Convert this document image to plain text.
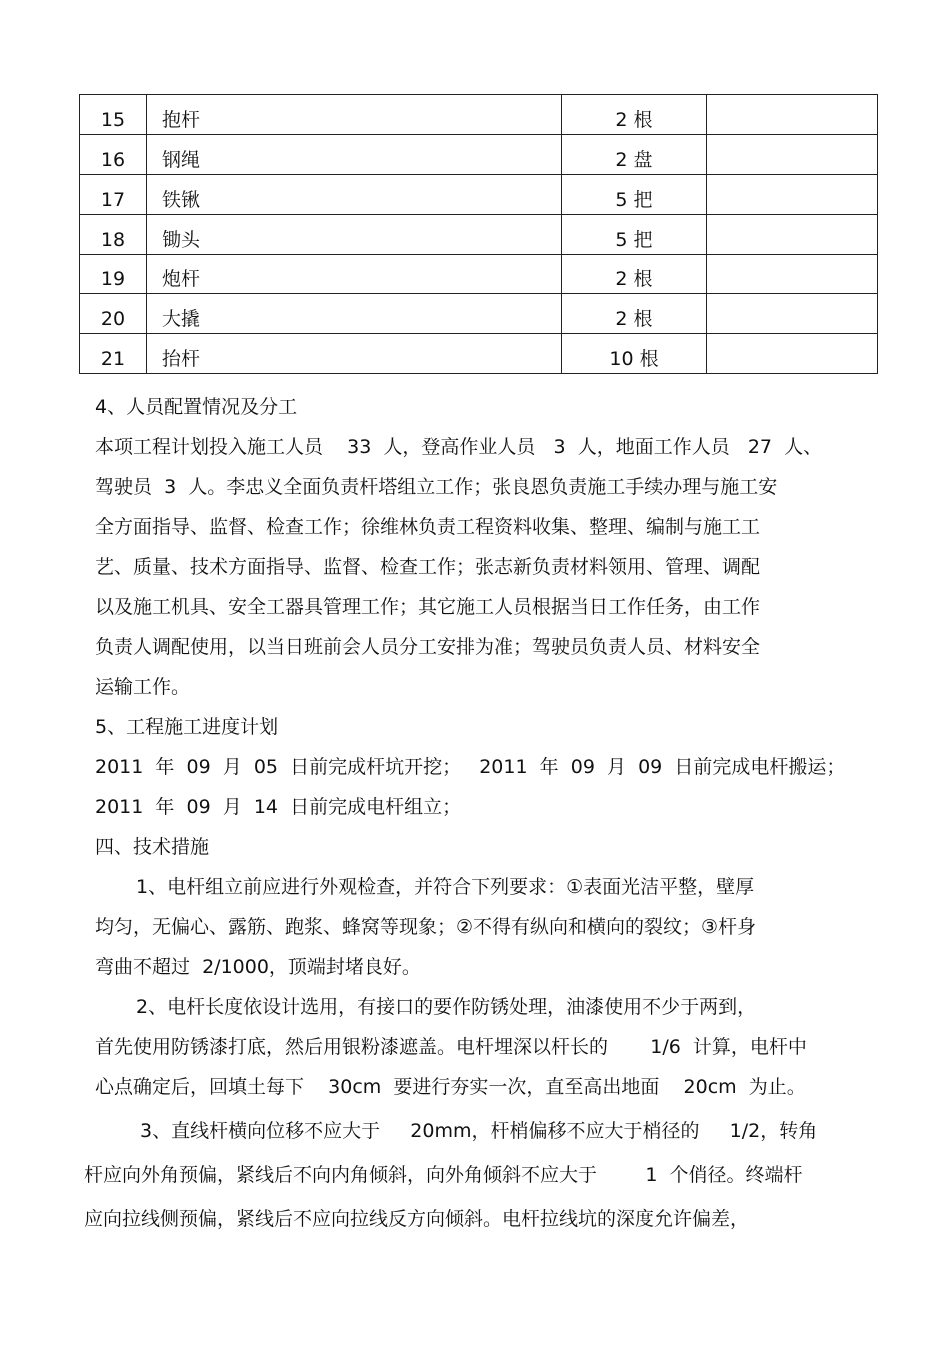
15	抱杆	2 根	
16	钢绳	2 盘	
17	铁锹	5 把	
18	锄头	5 把	
19	炮杆	2 根	
20	大撬	2 根	
21	抬杆	10 根	
4、人员配置情况及分工
本项工程计划投入施工人员    33  人，登高作业人员   3  人，地面工作人员   27  人、
驾驶员  3  人。李忠义全面负责杆塔组立工作；张良恩负责施工手续办理与施工安
全方面指导、监督、检查工作；徐维林负责工程资料收集、整理、编制与施工工
艺、质量、技术方面指导、监督、检查工作；张志新负责材料领用、管理、调配
以及施工机具、安全工器具管理工作；其它施工人员根据当日工作任务，由工作
负责人调配使用，以当日班前会人员分工安排为准；驾驶员负责人员、材料安全
运输工作。
5、工程施工进度计划
2011  年  09  月  05  日前完成杆坑开挖；   2011  年  09  月  09  日前完成电杆搬运；
2011  年  09  月  14  日前完成电杆组立；
四、技术措施
1、电杆组立前应进行外观检查，并符合下列要求：①表面光洁平整，壁厚
均匀，无偏心、露筋、跑浆、蜂窝等现象；②不得有纵向和横向的裂纹；③杆身
弯曲不超过  2/1000，顶端封堵良好。
2、电杆长度依设计选用，有接口的要作防锈处理，油漆使用不少于两到，
首先使用防锈漆打底，然后用银粉漆遮盖。电杆埋深以杆长的       1/6  计算，电杆中
心点确定后，回填土每下    30cm  要进行夯实一次，直至高出地面    20cm  为止。
3、直线杆横向位移不应大于     20mm，杆梢偏移不应大于梢径的     1/2，转角
杆应向外角预偏，紧线后不向内角倾斜，向外角倾斜不应大于        1  个俏径。终端杆
应向拉线侧预偏，紧线后不应向拉线反方向倾斜。电杆拉线坑的深度允许偏差，
